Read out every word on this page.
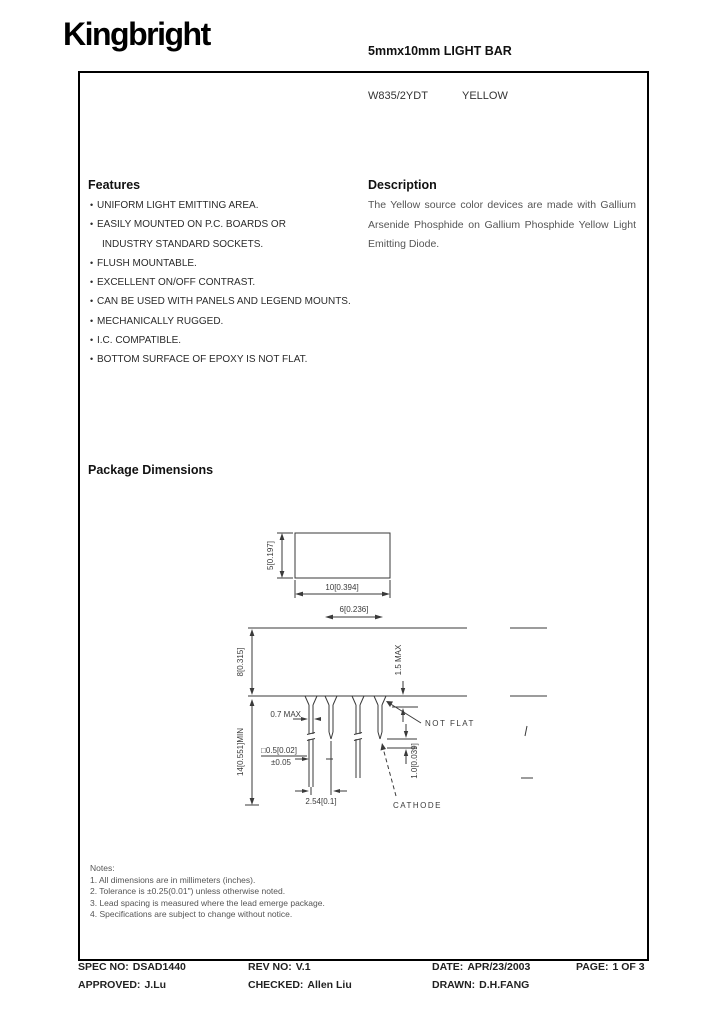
Kingbright	5mmx10mm LIGHT BAR
W835/2YDT	YELLOW
Features	Description
• UNIFORM LIGHT EMITTING AREA.
• EASILY MOUNTED ON P.C. BOARDS OR
INDUSTRY STANDARD SOCKETS.
• FLUSH MOUNTABLE.
• EXCELLENT ON/OFF CONTRAST.
• CAN BE USED WITH PANELS AND LEGEND MOUNTS.
• MECHANICALLY RUGGED.
• I.C. COMPATIBLE.
• BOTTOM SURFACE OF EPOXY IS NOT FLAT.
The Yellow source color devices are made with Gallium Arsenide Phosphide on Gallium Phosphide Yellow Light Emitting Diode.
Package Dimensions
5[0.197]
10[0.394]
6[0.236]
8[0.315]
14[0.551]MIN
0.7 MAX
□0.5[0.02]
±0.05
2.54[0.1]
1.5 MAX
1.0[0.039]
NOT FLAT
CATHODE
Notes:
1. All dimensions are in millimeters (inches).
2. Tolerance is ±0.25(0.01") unless otherwise noted.
3. Lead spacing is measured where the lead emerge package.
4. Specifications are subject to change without notice.
SPEC NO: DSAD1440	REV NO: V.1	DATE: APR/23/2003	PAGE: 1 OF 3
APPROVED: J.Lu	CHECKED: Allen Liu	DRAWN: D.H.FANG
